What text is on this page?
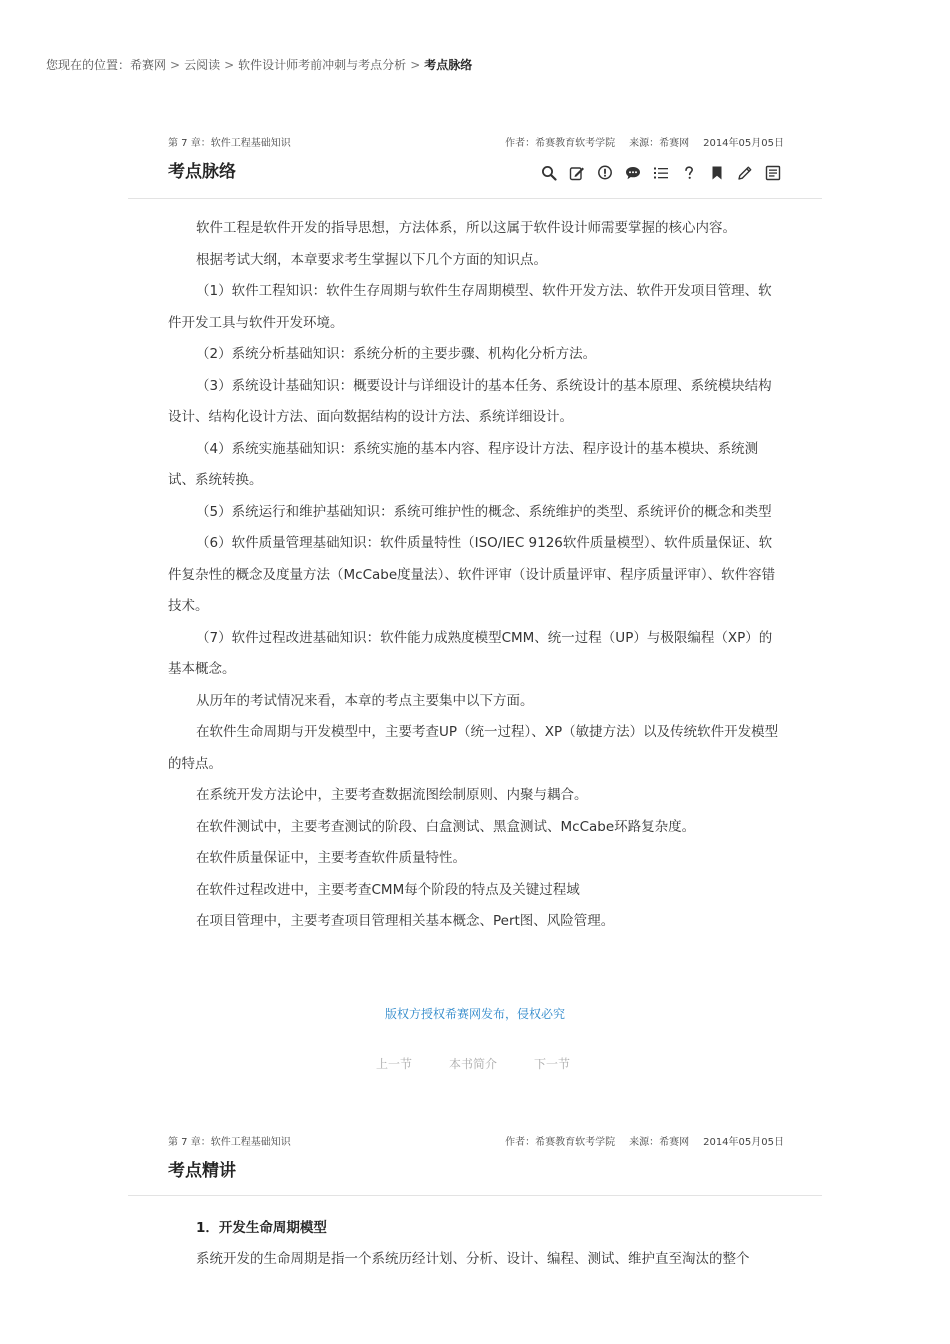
您现在的位置：希赛网 > 云阅读 > 软件设计师考前冲刺与考点分析 > 考点脉络
第 7 章：软件工程基础知识	作者：希赛教育软考学院 来源：希赛网 2014年05月05日
考点脉络

软件工程是软件开发的指导思想，方法体系，所以这属于软件设计师需要掌握的核心内容。

根据考试大纲，本章要求考生掌握以下几个方面的知识点。

（1）软件工程知识：软件生存周期与软件生存周期模型、软件开发方法、软件开发项目管理、软件开发工具与软件开发环境。

（2）系统分析基础知识：系统分析的主要步骤、机构化分析方法。

（3）系统设计基础知识：概要设计与详细设计的基本任务、系统设计的基本原理、系统模块结构设计、结构化设计方法、面向数据结构的设计方法、系统详细设计。

（4）系统实施基础知识：系统实施的基本内容、程序设计方法、程序设计的基本模块、系统测试、系统转换。

（5）系统运行和维护基础知识：系统可维护性的概念、系统维护的类型、系统评价的概念和类型

（6）软件质量管理基础知识：软件质量特性（ISO/IEC 9126软件质量模型）、软件质量保证、软件复杂性的概念及度量方法（McCabe度量法）、软件评审（设计质量评审、程序质量评审）、软件容错技术。

（7）软件过程改进基础知识：软件能力成熟度模型CMM、统一过程（UP）与极限编程（XP）的基本概念。

从历年的考试情况来看，本章的考点主要集中以下方面。

在软件生命周期与开发模型中，主要考查UP（统一过程）、XP（敏捷方法）以及传统软件开发模型的特点。

在系统开发方法论中，主要考查数据流图绘制原则、内聚与耦合。

在软件测试中，主要考查测试的阶段、白盒测试、黑盒测试、McCabe环路复杂度。

在软件质量保证中，主要考查软件质量特性。

在软件过程改进中，主要考查CMM每个阶段的特点及关键过程域

在项目管理中，主要考查项目管理相关基本概念、Pert图、风险管理。

版权方授权希赛网发布，侵权必究
上一节	本书简介	下一节
第 7 章：软件工程基础知识	作者：希赛教育软考学院 来源：希赛网 2014年05月05日
考点精讲
1．开发生命周期模型
系统开发的生命周期是指一个系统历经计划、分析、设计、编程、测试、维护直至淘汰的整个
